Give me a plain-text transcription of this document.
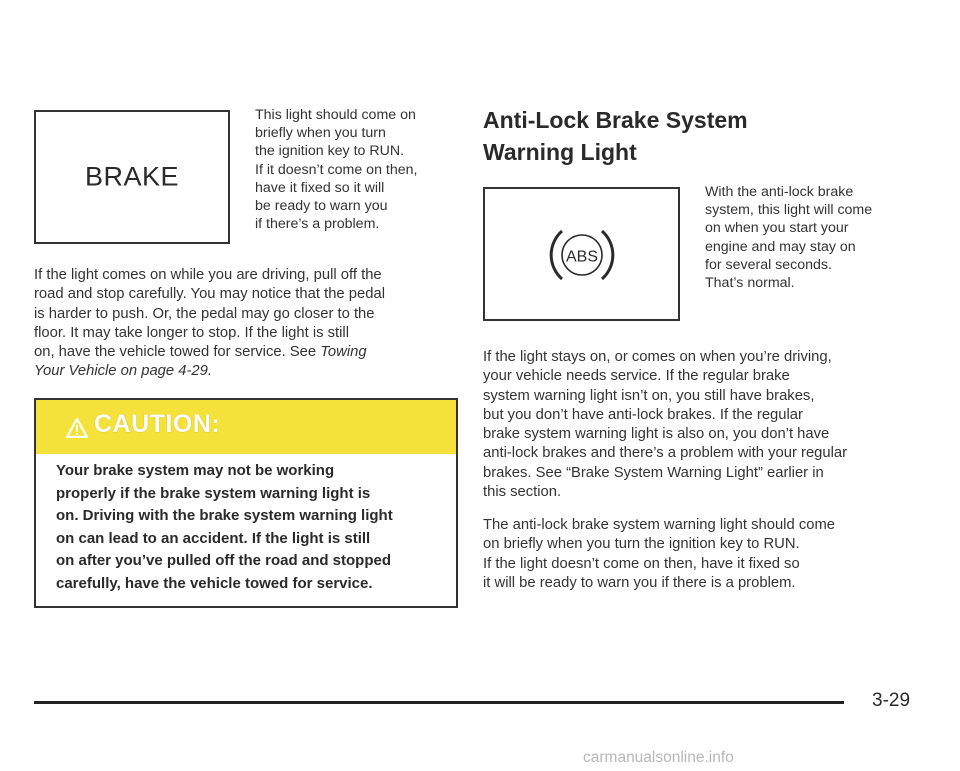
BRAKE
This light should come on
briefly when you turn
the ignition key to RUN.
If it doesn’t come on then,
have it fixed so it will
be ready to warn you
if there’s a problem.
If the light comes on while you are driving, pull off the
road and stop carefully. You may notice that the pedal
is harder to push. Or, the pedal may go closer to the
floor. It may take longer to stop. If the light is still
on, have the vehicle towed for service. See Towing
Your Vehicle on page 4-29.
CAUTION:
Your brake system may not be working
properly if the brake system warning light is
on. Driving with the brake system warning light
on can lead to an accident. If the light is still
on after you’ve pulled off the road and stopped
carefully, have the vehicle towed for service.
Anti-Lock Brake System
Warning Light
ABS
With the anti-lock brake
system, this light will come
on when you start your
engine and may stay on
for several seconds.
That’s normal.
If the light stays on, or comes on when you’re driving,
your vehicle needs service. If the regular brake
system warning light isn’t on, you still have brakes,
but you don’t have anti-lock brakes. If the regular
brake system warning light is also on, you don’t have
anti-lock brakes and there’s a problem with your regular
brakes. See “Brake System Warning Light” earlier in
this section.
The anti-lock brake system warning light should come
on briefly when you turn the ignition key to RUN.
If the light doesn’t come on then, have it fixed so
it will be ready to warn you if there is a problem.
3-29
carmanualsonline.info
